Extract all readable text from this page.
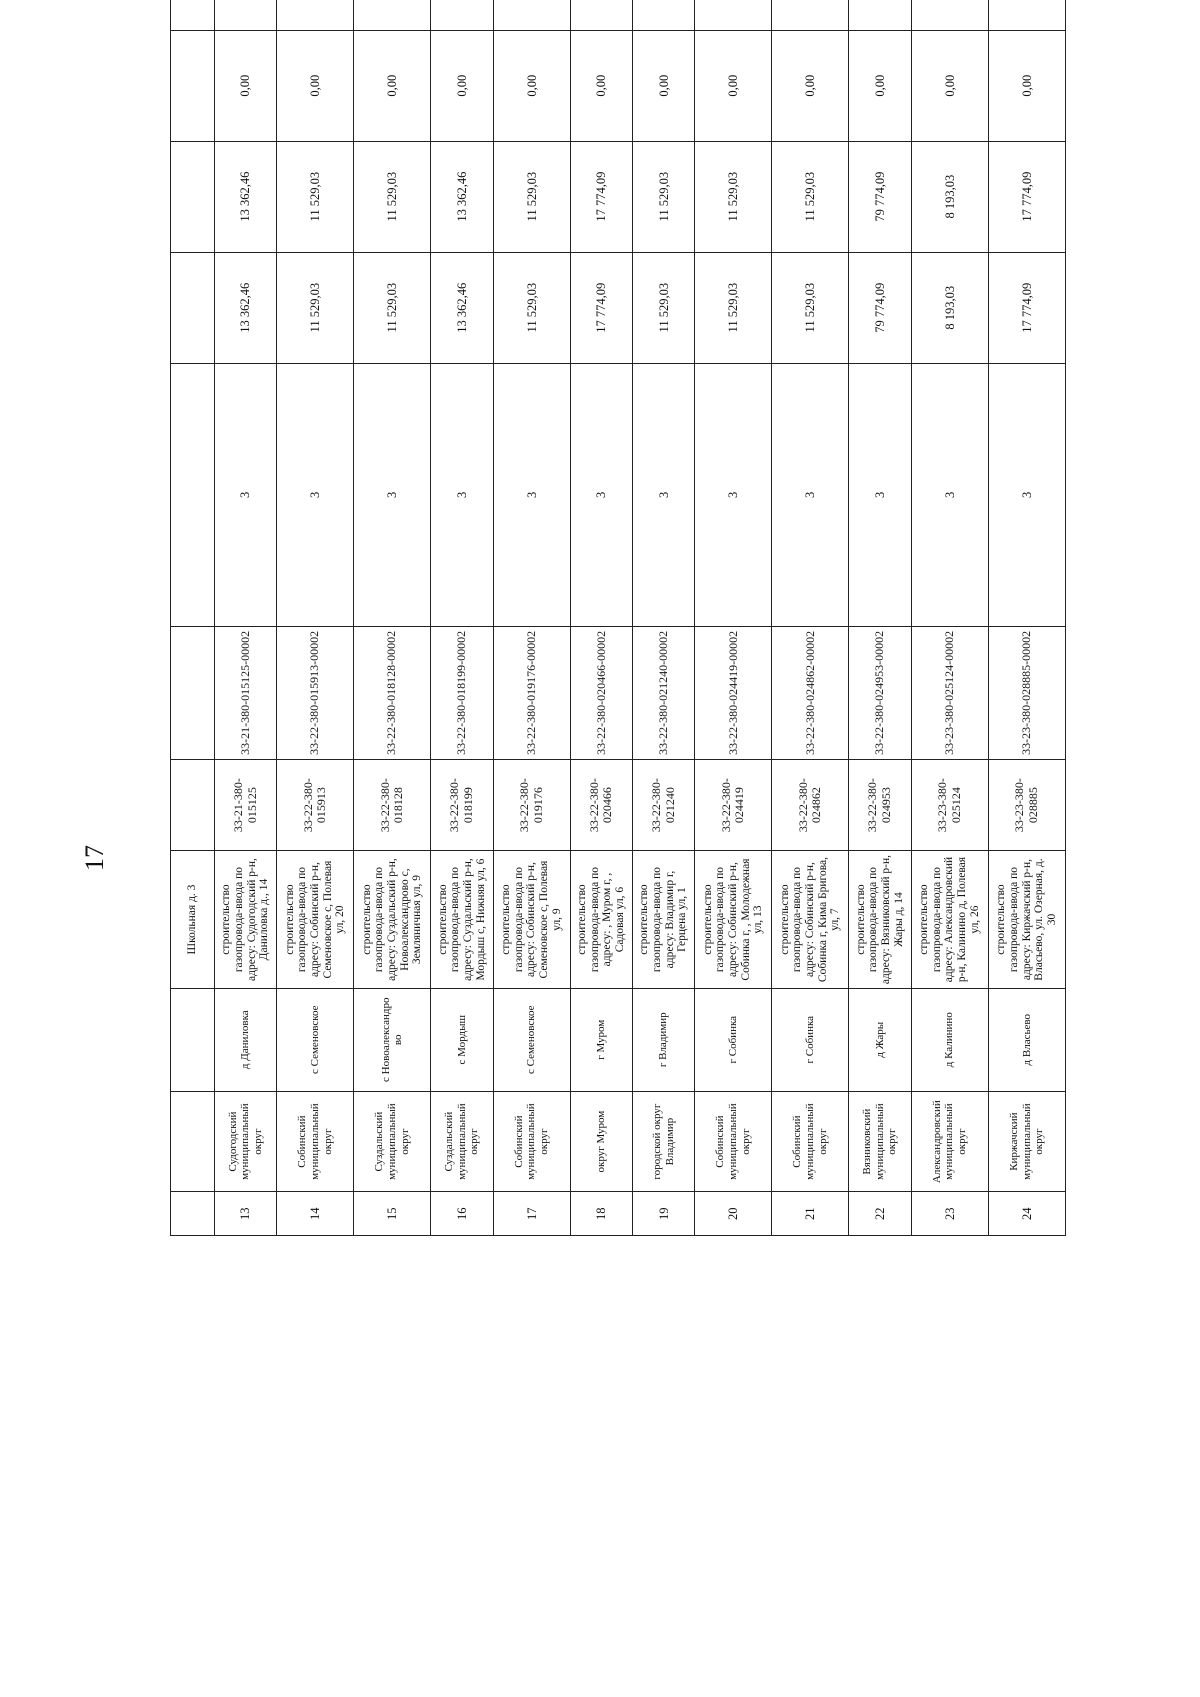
17
			Школьная д. 3									
13	Судогодский муниципальный округ	д Даниловка	строительство газопровода-ввода по адресу: Судогодский р-н, Даниловка д., 14	33-21-380-015125	33-21-380-015125-00002	3	13 362,46	13 362,46	0,00			
14	Собинский муниципальный округ	с Семеновское	строительство газопровода-ввода по адресу: Собинский р-н, Семеновское с, Полевая ул, 20	33-22-380-015913	33-22-380-015913-00002	3	11 529,03	11 529,03	0,00			
15	Суздальский муниципальный округ	с Новоалександро во	строительство газопровода-ввода по адресу: Суздальский р-н, Новоалександрово с, Земляничная ул, 9	33-22-380-018128	33-22-380-018128-00002	3	11 529,03	11 529,03	0,00			
16	Суздальский муниципальный округ	с Мордыш	строительство газопровода-ввода по адресу: Суздальский р-н, Мордыш с, Нижняя ул, 6	33-22-380-018199	33-22-380-018199-00002	3	13 362,46	13 362,46	0,00			
17	Собинский муниципальный округ	с Семеновское	строительство газопровода-ввода по адресу: Собинский р-н, Семеновское с, Полевая ул, 9	33-22-380-019176	33-22-380-019176-00002	3	11 529,03	11 529,03	0,00			
18	округ Муром	г Муром	строительство газопровода-ввода по адресу: , Муром г, , Садовая ул, 6	33-22-380-020466	33-22-380-020466-00002	3	17 774,09	17 774,09	0,00			
19	городской округ Владимир	г Владимир	строительство газопровода-ввода по адресу: Владимир г, Герцена ул, 1	33-22-380-021240	33-22-380-021240-00002	3	11 529,03	11 529,03	0,00			
20	Собинский муниципальный округ	г Собинка	строительство газопровода-ввода по адресу: Собинский р-н, Собинка г, , Молодежная ул, 13	33-22-380-024419	33-22-380-024419-00002	3	11 529,03	11 529,03	0,00			
21	Собинский муниципальный округ	г Собинка	строительство газопровода-ввода по адресу: Собинский р-н, Собинка г, Кима Бригова, ул, 7	33-22-380-024862	33-22-380-024862-00002	3	11 529,03	11 529,03	0,00			
22	Вязниковский муниципальный округ	д Жары	строительство газопровода-ввода по адресу: Вязниковский р-н, Жары д, 14	33-22-380-024953	33-22-380-024953-00002	3	79 774,09	79 774,09	0,00			
23	Александровский муниципальный округ	д Калинино	строительство газопровода-ввода по адресу: Александровский р-н, Калинино д, Полевая ул, 26	33-23-380-025124	33-23-380-025124-00002	3	8 193,03	8 193,03	0,00			
24	Киржачский муниципальный округ	д Власьево	строительство газопровода-ввода по адресу: Киржачский р-н, Власьево, ул. Озерная, д. 30	33-23-380-028885	33-23-380-028885-00002	3	17 774,09	17 774,09	0,00			
